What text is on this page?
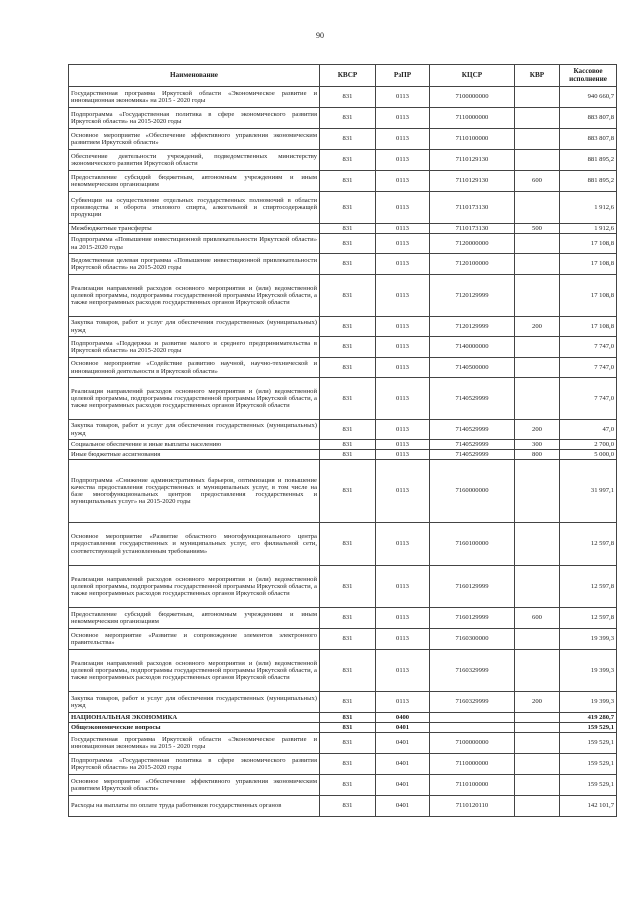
90
Наименование	КВСР	РзПР	КЦСР	КВР	Кассовое исполнение
Государственная программа Иркутской области «Экономическое развитие и инновационная экономика» на 2015 - 2020 годы	831	0113	7100000000		940 660,7
Подпрограмма «Государственная политика в сфере экономического развития Иркутской области» на 2015-2020 годы	831	0113	7110000000		883 807,8
Основное мероприятие «Обеспечение эффективного управления экономическим развитием Иркутской области»	831	0113	7110100000		883 807,8
Обеспечение деятельности учреждений, подведомственных министерству экономического развития Иркутской области	831	0113	7110129130		881 895,2
Предоставление субсидий бюджетным, автономным учреждениям и иным некоммерческим организациям	831	0113	7110129130	600	881 895,2
Субвенции на осуществление отдельных государственных полномочий в области производства и оборота этилового спирта, алкогольной и спиртосодержащей продукции	831	0113	7110173130		1 912,6
Межбюджетные трансферты	831	0113	7110173130	500	1 912,6
Подпрограмма «Повышение инвестиционной привлекательности Иркутской области» на 2015-2020 годы	831	0113	7120000000		17 108,8
Ведомственная целевая программа «Повышение инвестиционной привлекательности Иркутской области» на 2015-2020 годы	831	0113	7120100000		17 108,8
Реализация направлений расходов основного мероприятия и (или) ведомственной целевой программы, подпрограммы государственной программы Иркутской области, а также непрограммных расходов государственных органов Иркутской области	831	0113	7120129999		17 108,8
Закупка товаров, работ и услуг для обеспечения государственных (муниципальных) нужд	831	0113	7120129999	200	17 108,8
Подпрограмма «Поддержка и развитие малого и среднего предпринимательства в Иркутской области» на 2015-2020 годы	831	0113	7140000000		7 747,0
Основное мероприятие «Содействие развитию научной, научно-технической и инновационной деятельности в Иркутской области»	831	0113	7140500000		7 747,0
Реализация направлений расходов основного мероприятия и (или) ведомственной целевой программы, подпрограммы государственной программы Иркутской области, а также непрограммных расходов государственных органов Иркутской области	831	0113	7140529999		7 747,0
Закупка товаров, работ и услуг для обеспечения государственных (муниципальных) нужд	831	0113	7140529999	200	47,0
Социальное обеспечение и иные выплаты населению	831	0113	7140529999	300	2 700,0
Иные бюджетные ассигнования	831	0113	7140529999	800	5 000,0
Подпрограмма «Снижение административных барьеров, оптимизация и повышение качества предоставления государственных и муниципальных услуг, в том числе на базе многофункциональных центров предоставления государственных и муниципальных услуг» на 2015-2020 годы	831	0113	7160000000		31 997,1
Основное мероприятие «Развитие областного многофункционального центра предоставления государственных и муниципальных услуг, его филиальной сети, соответствующей установленным требованиям»	831	0113	7160100000		12 597,8
Реализация направлений расходов основного мероприятия и (или) ведомственной целевой программы, подпрограммы государственной программы Иркутской области, а также непрограммных расходов государственных органов Иркутской области	831	0113	7160129999		12 597,8
Предоставление субсидий бюджетным, автономным учреждениям и иным некоммерческим организациям	831	0113	7160129999	600	12 597,8
Основное мероприятие «Развитие и сопровождение элементов электронного правительства»	831	0113	7160300000		19 399,3
Реализация направлений расходов основного мероприятия и (или) ведомственной целевой программы, подпрограммы государственной программы Иркутской области, а также непрограммных расходов государственных органов Иркутской области	831	0113	7160329999		19 399,3
Закупка товаров, работ и услуг для обеспечения государственных (муниципальных) нужд	831	0113	7160329999	200	19 399,3
НАЦИОНАЛЬНАЯ ЭКОНОМИКА	831	0400			419 280,7
Общеэкономические вопросы	831	0401			159 529,1
Государственная программа Иркутской области «Экономическое развитие и инновационная экономика» на 2015 - 2020 годы	831	0401	7100000000		159 529,1
Подпрограмма «Государственная политика в сфере экономического развития Иркутской области» на 2015-2020 годы	831	0401	7110000000		159 529,1
Основное мероприятие «Обеспечение эффективного управления экономическим развитием Иркутской области»	831	0401	7110100000		159 529,1
Расходы на выплаты по оплате труда работников государственных органов	831	0401	7110120110		142 101,7
